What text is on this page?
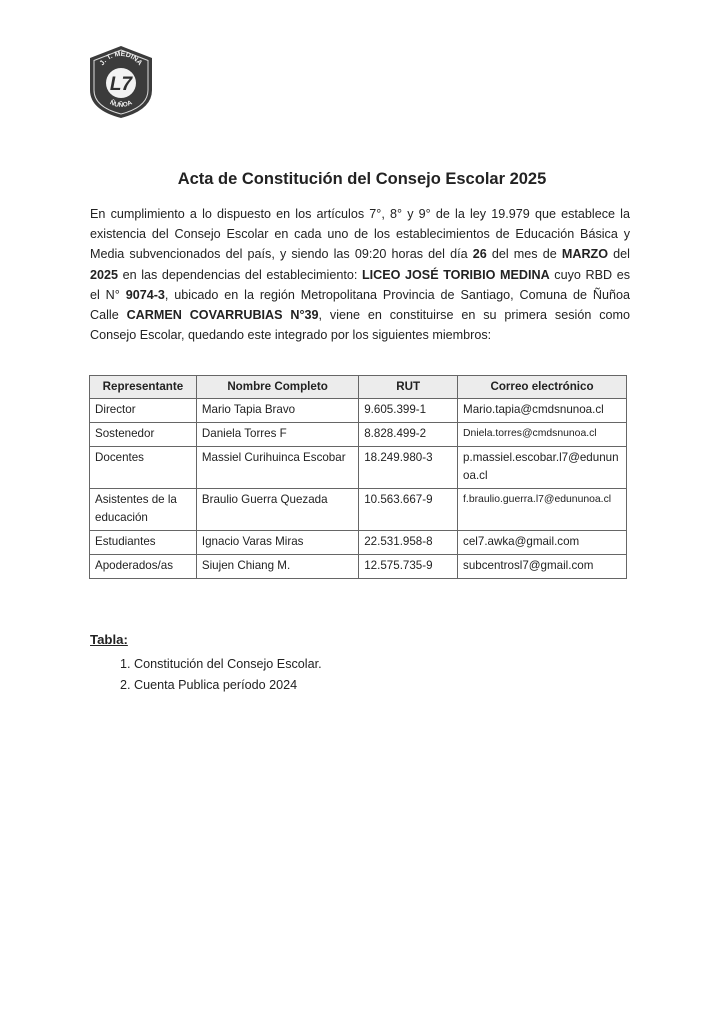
J. T. MEDINA
ÑUÑOA
L7
Acta de Constitución del Consejo Escolar 2025
En cumplimiento a lo dispuesto en los artículos 7°, 8° y 9° de la ley 19.979 que establece la existencia del Consejo Escolar en cada uno de los establecimientos de Educación Básica y Media subvencionados del país, y siendo las 09:20 horas del día 26 del mes de MARZO del 2025 en las dependencias del establecimiento: LICEO JOSÉ TORIBIO MEDINA cuyo RBD es el N° 9074-3, ubicado en la región Metropolitana Provincia de Santiago, Comuna de Ñuñoa Calle CARMEN COVARRUBIAS N°39, viene en constituirse en su primera sesión como Consejo Escolar, quedando este integrado por los siguientes miembros:
Representante	Nombre Completo	RUT	Correo electrónico
Director	Mario Tapia Bravo	9.605.399-1	Mario.tapia@cmdsnunoa.cl
Sostenedor	Daniela Torres F	8.828.499-2	Dniela.torres@cmdsnunoa.cl
Docentes	Massiel Curihuinca Escobar	18.249.980-3	p.massiel.escobar.l7@edununoa.cl
Asistentes de la educación	Braulio Guerra Quezada	10.563.667-9	f.braulio.guerra.l7@edununoa.cl
Estudiantes	Ignacio Varas Miras	22.531.958-8	cel7.awka@gmail.com
Apoderados/as	Siujen Chiang M.	12.575.735-9	subcentrosl7@gmail.com
Tabla:
1. Constitución del Consejo Escolar.
2. Cuenta Publica período 2024
